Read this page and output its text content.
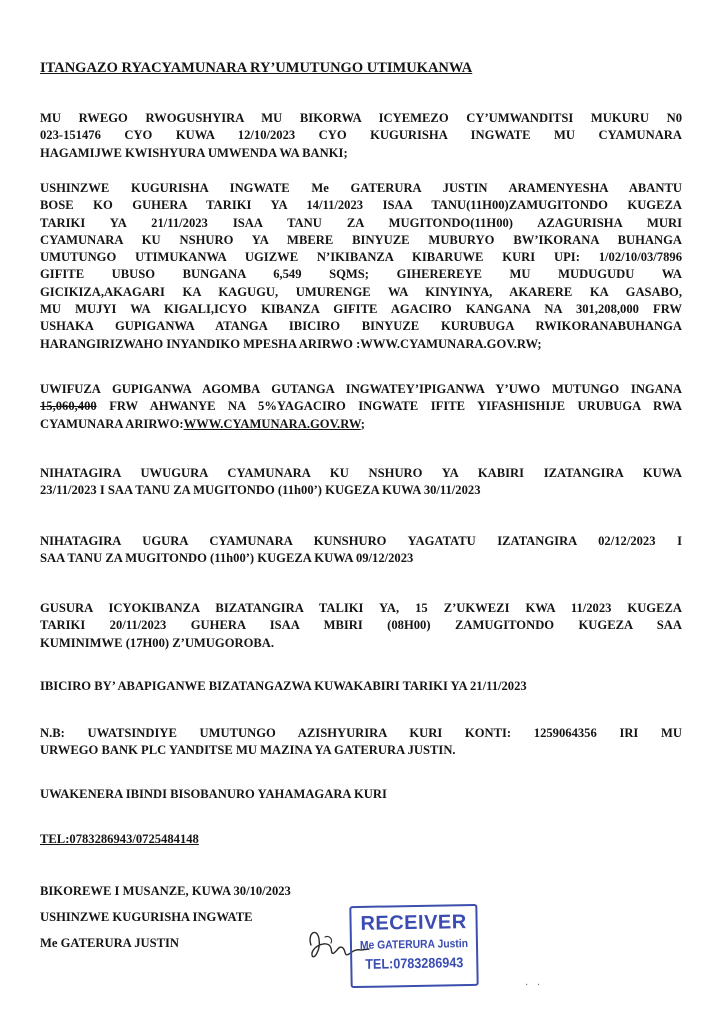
ITANGAZO RYACYAMUNARA RY’UMUTUNGO UTIMUKANWA
MU RWEGO RWOGUSHYIRA MU BIKORWA ICYEMEZO CY’UMWANDITSI MUKURU N0
023-151476 CYO KUWA 12/10/2023 CYO KUGURISHA INGWATE MU CYAMUNARA
HAGAMIJWE KWISHYURA UMWENDA WA BANKI;
USHINZWE KUGURISHA INGWATE Me GATERURA JUSTIN ARAMENYESHA ABANTU
BOSE KO GUHERA TARIKI YA 14/11/2023 ISAA TANU(11H00)ZAMUGITONDO KUGEZA
TARIKI YA 21/11/2023 ISAA TANU ZA MUGITONDO(11H00) AZAGURISHA MURI
CYAMUNARA KU NSHURO YA MBERE BINYUZE MUBURYO BW’IKORANA BUHANGA
UMUTUNGO UTIMUKANWA UGIZWE N’IKIBANZA KIBARUWE KURI UPI: 1/02/10/03/7896
GIFITE UBUSO BUNGANA 6,549 SQMS; GIHEREREYE MU MUDUGUDU WA
GICIKIZA,AKAGARI KA KAGUGU, UMURENGE WA KINYINYA, AKARERE KA GASABO,
MU MUJYI WA KIGALI,ICYO KIBANZA GIFITE AGACIRO KANGANA NA 301,208,000 FRW
USHAKA GUPIGANWA ATANGA IBICIRO BINYUZE KURUBUGA RWIKORANABUHANGA
HARANGIRIZWAHO INYANDIKO MPESHA ARIRWO :WWW.CYAMUNARA.GOV.RW;
UWIFUZA GUPIGANWA AGOMBA GUTANGA INGWATEY’IPIGANWA Y’UWO MUTUNGO INGANA
15,060,400 FRW AHWANYE NA 5%YAGACIRO INGWATE IFITE YIFASHISHIJE URUBUGA RWA
CYAMUNARA ARIRWO:WWW.CYAMUNARA.GOV.RW;
NIHATAGIRA UWUGURA CYAMUNARA KU NSHURO YA KABIRI IZATANGIRA KUWA
23/11/2023 I SAA TANU ZA MUGITONDO (11h00’) KUGEZA KUWA 30/11/2023
NIHATAGIRA UGURA CYAMUNARA KUNSHURO YAGATATU IZATANGIRA 02/12/2023 I
SAA TANU ZA MUGITONDO (11h00’) KUGEZA KUWA 09/12/2023
GUSURA ICYOKIBANZA BIZATANGIRA TALIKI YA, 15 Z’UKWEZI KWA 11/2023 KUGEZA
TARIKI 20/11/2023 GUHERA ISAA MBIRI (08H00) ZAMUGITONDO KUGEZA SAA
KUMINIMWE (17H00) Z’UMUGOROBA.
IBICIRO BY’ ABAPIGANWE BIZATANGAZWA KUWAKABIRI TARIKI YA 21/11/2023
N.B: UWATSINDIYE UMUTUNGO AZISHYURIRA KURI KONTI: 1259064356 IRI MU
URWEGO BANK PLC YANDITSE MU MAZINA YA GATERURA JUSTIN.
UWAKENERA IBINDI BISOBANURO YAHAMAGARA KURI
TEL:0783286943/0725484148
BIKOREWE I MUSANZE, KUWA 30/10/2023
USHINZWE KUGURISHA INGWATE
Me GATERURA JUSTIN
RECEIVER
Me GATERURA Justin
TEL:0783286943
· ·
